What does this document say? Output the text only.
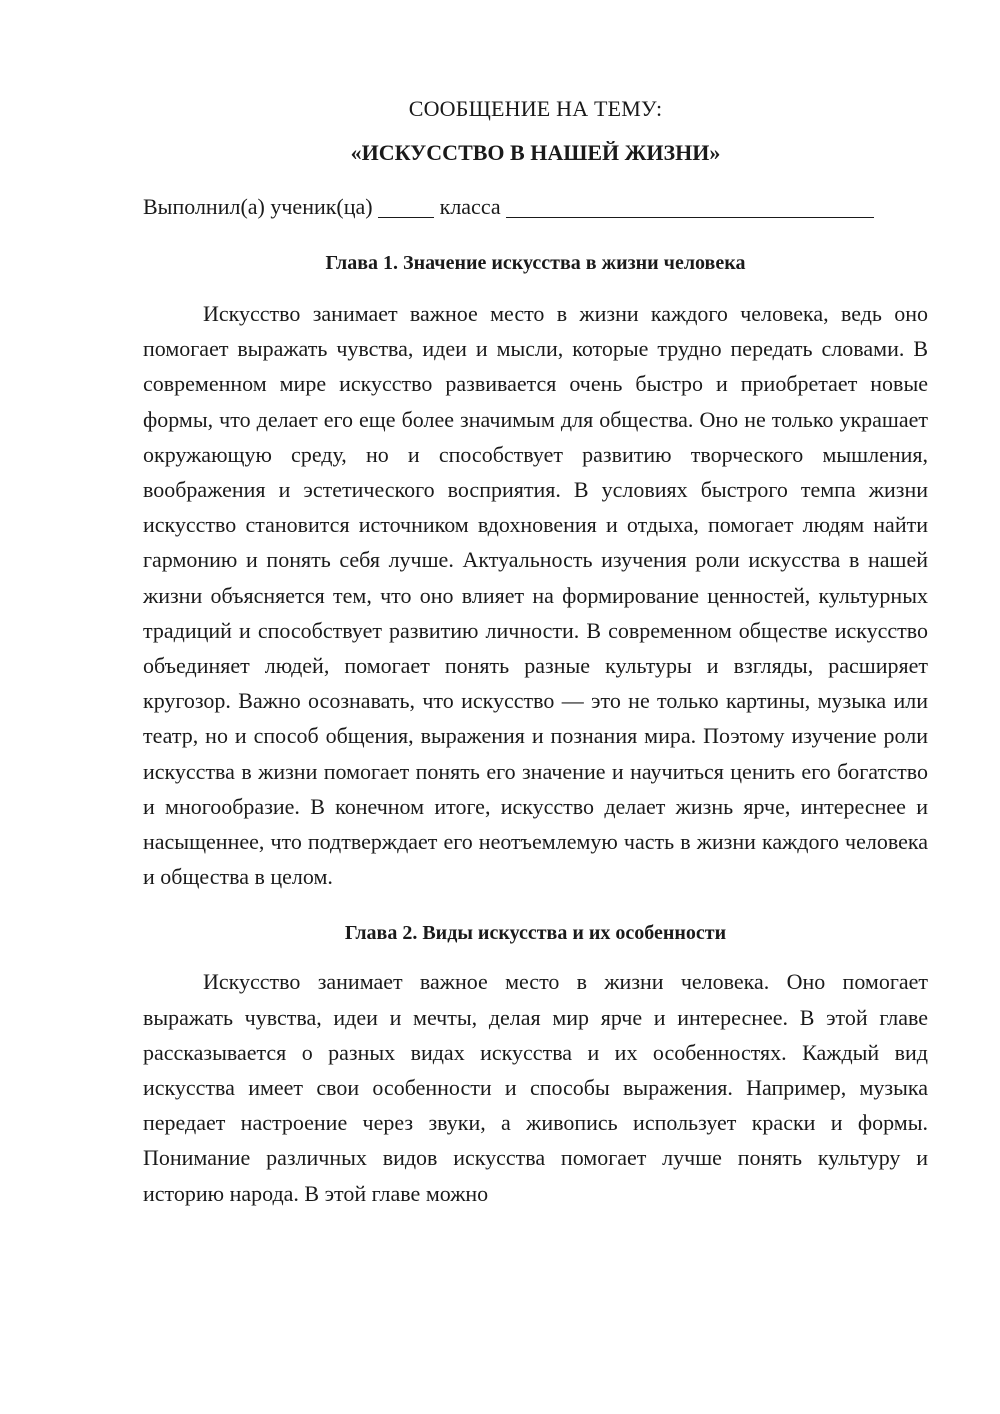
СООБЩЕНИЕ НА ТЕМУ:

«ИСКУССТВО В НАШЕЙ ЖИЗНИ»

Выполнил(а) ученик(ца)	класса

Глава 1. Значение искусства в жизни человека

Искусство занимает важное место в жизни каждого человека, ведь оно помогает выражать чувства, идеи и мысли, которые трудно передать словами. В современном мире искусство развивается очень быстро и приобретает новые формы, что делает его еще более значимым для общества. Оно не только украшает окружающую среду, но и способствует развитию творческого мышления, воображения и эстетического восприятия. В условиях быстрого темпа жизни искусство становится источником вдохновения и отдыха, помогает людям найти гармонию и понять себя лучше. Актуальность изучения роли искусства в нашей жизни объясняется тем, что оно влияет на формирование ценностей, культурных традиций и способствует развитию личности. В современном обществе искусство объединяет людей, помогает понять разные культуры и взгляды, расширяет кругозор. Важно осознавать, что искусство — это не только картины, музыка или театр, но и способ общения, выражения и познания мира. Поэтому изучение роли искусства в жизни помогает понять его значение и научиться ценить его богатство и многообразие. В конечном итоге, искусство делает жизнь ярче, интереснее и насыщеннее, что подтверждает его неотъемлемую часть в жизни каждого человека и общества в целом.

Глава 2. Виды искусства и их особенности

Искусство занимает важное место в жизни человека. Оно помогает выражать чувства, идеи и мечты, делая мир ярче и интереснее. В этой главе рассказывается о разных видах искусства и их особенностях. Каждый вид искусства имеет свои особенности и способы выражения. Например, музыка передает настроение через звуки, а живопись использует краски и формы. Понимание различных видов искусства помогает лучше понять культуру и историю народа. В этой главе можно
